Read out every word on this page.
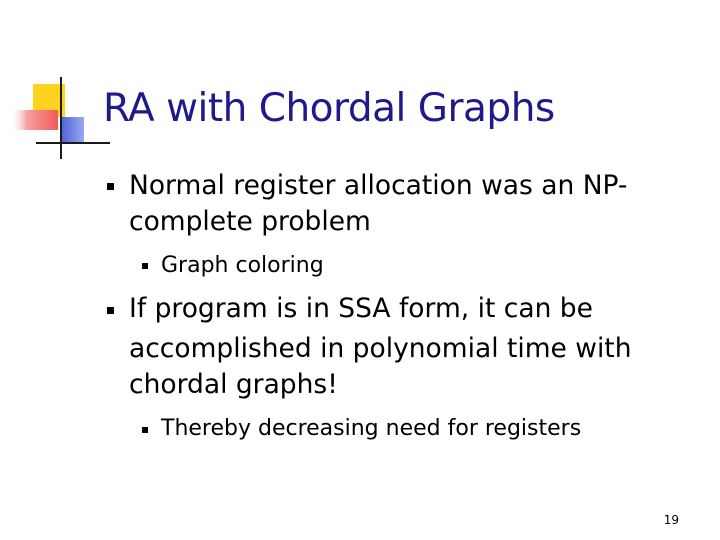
RA with Chordal Graphs
Normal register allocation was an NP-
complete problem
Graph coloring
If program is in SSA form, it can be
accomplished in polynomial time with
chordal graphs!
Thereby decreasing need for registers
19
